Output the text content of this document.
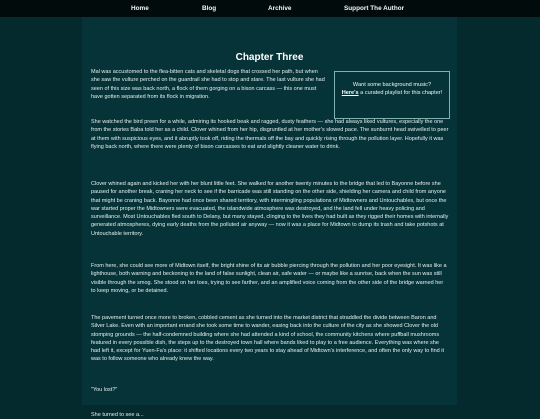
Home	Blog	Archive	Support The Author
Chapter Three
Want some background music?
Here's a curated playlist for this chapter!

Mal was accustomed to the flea-bitten cats and skeletal dogs that crossed her path, but when she saw the vulture perched on the guardrail she had to stop and stare. The last vulture she had seen of this size was back north, a flock of them gorging on a bison carcass — this one must have gotten separated from its flock in migration.

She watched the bird preen for a while, admiring its hooked beak and ragged, dusty feathers — she had always liked vultures, especially the one from the stories Baba told her as a child. Clover whined from her hip, disgruntled at her mother's slowed pace. The sunburnt head swivelled to peer at them with suspicious eyes, and it abruptly took off, riding the thermals off the bay and quickly rising through the pollution layer. Hopefully it was flying back north, where there were plenty of bison carcasses to eat and slightly cleaner water to drink.

Clover whined again and kicked her with her blunt little feet. She walked for another twenty minutes to the bridge that led to Bayonne before she paused for another break, craning her neck to see if the barricade was still standing on the other side, shielding her camera and child from anyone that might be craning back. Bayonne had once been shared territory, with intermingling populations of Midtowners and Untouchables, but once the war started proper the Midtowners were evacuated, the islandwide atmosphere was destroyed, and the land fell under heavy policing and surveillance. Most Untouchables fled south to Delany, but many stayed, clinging to the lives they had built as they rigged their homes with internally generated atmospheres, dying early deaths from the polluted air anyway — now it was a place for Midtown to dump its trash and take potshots at Untouchable territory.

From here, she could see more of Midtown itself, the bright shine of its air bubble piercing through the pollution and her poor eyesight. It was like a lighthouse, both warning and beckoning to the land of false sunlight, clean air, safe water — or maybe like a sunrise, back when the sun was still visible through the smog. She stood on her toes, trying to see farther, and an amplified voice coming from the other side of the bridge warned her to keep moving, or be detained.

The pavement turned once more to broken, cobbled cement as she turned into the market district that straddled the divide between Baron and Silver Lake. Even with an important errand she took some time to wander, easing back into the culture of the city as she showed Clover the old stomping grounds — the half-condemned building where she had attended a kind of school, the community kitchens where puffball mushrooms featured in every possible dish, the steps up to the destroyed town hall where bands liked to play to a free audience. Everything was where she had left it, except for Yuen-Fa's place: it shifted locations every two years to stay ahead of Midtown's interference, and often the only way to find it was to follow someone who already knew the way.

"You lost?"

She turned to see a...
